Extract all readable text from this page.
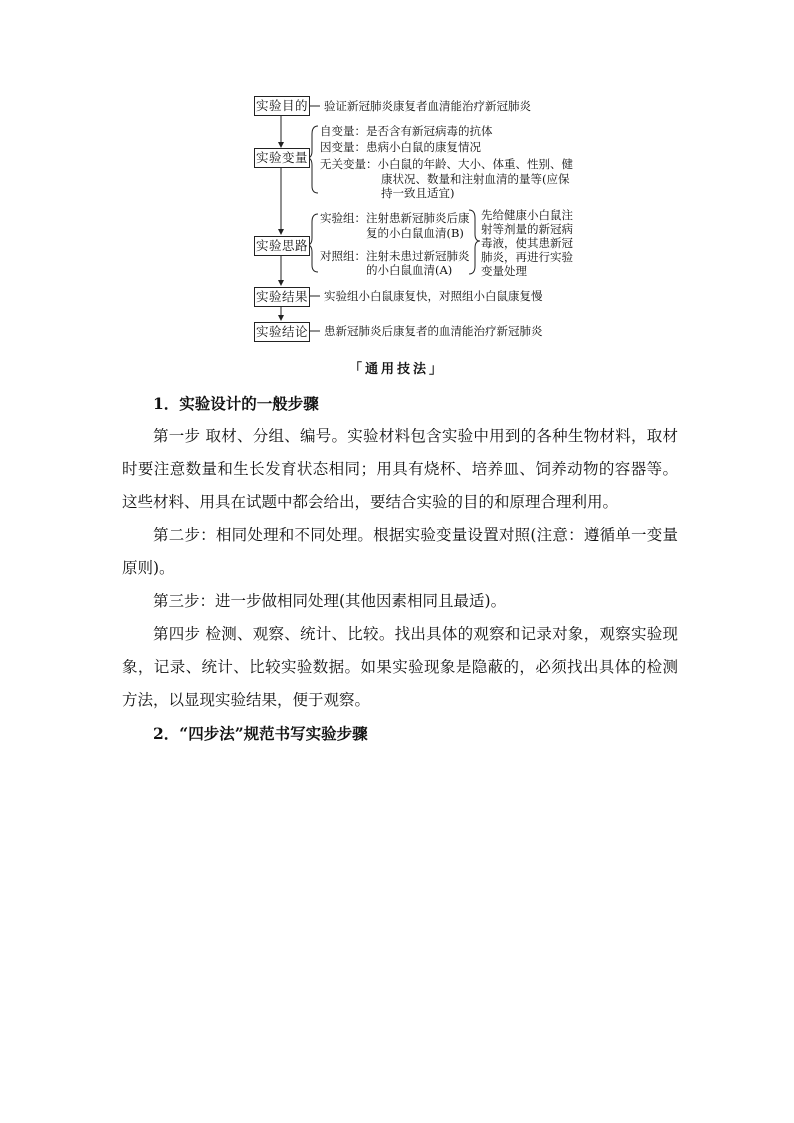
实验目的 验证新冠肺炎康复者血清能治疗新冠肺炎
实验变量
自变量：是否含有新冠病毒的抗体
因变量：患病小白鼠的康复情况
无关变量：小白鼠的年龄、大小、体重、性别、健
康状况、数量和注射血清的量等(应保
持一致且适宜)
实验思路
实验组：注射患新冠肺炎后康
复的小白鼠血清(B)
对照组：注射未患过新冠肺炎
的小白鼠血清(A)
先给健康小白鼠注
射等剂量的新冠病
毒液，使其患新冠
肺炎，再进行实验
变量处理
实验结果 实验组小白鼠康复快，对照组小白鼠康复慢
实验结论 患新冠肺炎后康复者的血清能治疗新冠肺炎
「通用技法」

1．实验设计的一般步骤

第一步 取材、分组、编号。实验材料包含实验中用到的各种生物材料，取材时要注意数量和生长发育状态相同；用具有烧杯、培养皿、饲养动物的容器等。这些材料、用具在试题中都会给出，要结合实验的目的和原理合理利用。

第二步：相同处理和不同处理。根据实验变量设置对照(注意：遵循单一变量原则)。

第三步：进一步做相同处理(其他因素相同且最适)。

第四步 检测、观察、统计、比较。找出具体的观察和记录对象，观察实验现象，记录、统计、比较实验数据。如果实验现象是隐蔽的，必须找出具体的检测方法，以显现实验结果，便于观察。

2．“四步法”规范书写实验步骤
